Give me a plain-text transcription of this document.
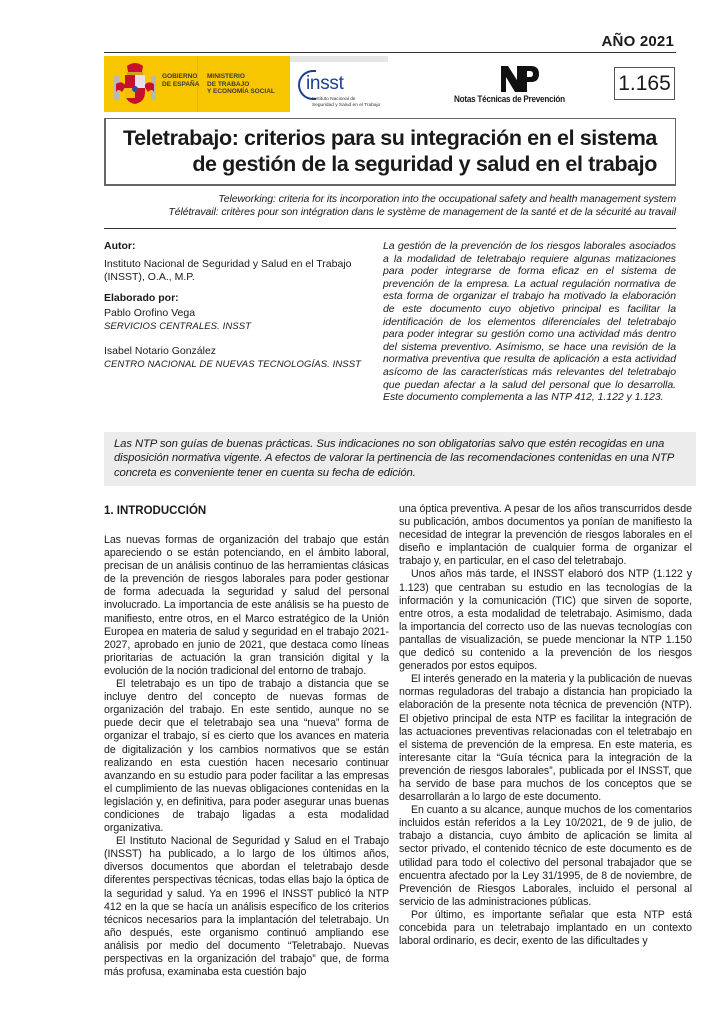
AÑO 2021
GOBIERNO
DE ESPAÑA
MINISTERIO
DE TRABAJO
Y ECONOMÍA SOCIAL insst
Instituto Nacional de
Seguridad y Salud en el Trabajo
Notas Técnicas de Prevención
1.165
Teletrabajo: criterios para su integración en el sistema
de gestión de la seguridad y salud en el trabajo
Teleworking: criteria for its incorporation into the occupational safety and health management system
Télétravail: critères pour son intégration dans le système de management de la santé et de la sécurité au travail

Autor:

Instituto Nacional de Seguridad y Salud en el Trabajo (INSST), O.A., M.P.

Elaborado por:

Pablo Orofino Vega

SERVICIOS CENTRALES. INSST

Isabel Notario González

CENTRO NACIONAL DE NUEVAS TECNOLOGÍAS. INSST

La gestión de la prevención de los riesgos laborales asociados a la modalidad de teletrabajo requiere algunas matizaciones para poder integrarse de forma eficaz en el sistema de prevención de la empresa. La actual regulación normativa de esta forma de organizar el trabajo ha motivado la elaboración de este documento cuyo objetivo principal es facilitar la identificación de los elementos diferenciales del teletrabajo para poder integrar su gestión como una actividad más dentro del sistema preventivo. Asímismo, se hace una revisión de la normativa preventiva que resulta de aplicación a esta actividad asícomo de las características más relevantes del teletrabajo que puedan afectar a la salud del personal que lo desarrolla. Este documento complementa a las NTP 412, 1.122 y 1.123.
Las NTP son guías de buenas prácticas. Sus indicaciones no son obligatorias salvo que estén recogidas en una disposición normativa vigente. A efectos de valorar la pertinencia de las recomendaciones contenidas en una NTP concreta es conveniente tener en cuenta su fecha de edición.
1. INTRODUCCIÓN

Las nuevas formas de organización del trabajo que están apareciendo o se están potenciando, en el ámbito laboral, precisan de un análisis continuo de las herramientas clásicas de la prevención de riesgos laborales para poder gestionar de forma adecuada la seguridad y salud del personal involucrado. La importancia de este análisis se ha puesto de manifiesto, entre otros, en el Marco estratégico de la Unión Europea en materia de salud y seguridad en el trabajo 2021-2027, aprobado en junio de 2021, que destaca como líneas prioritarias de actuación la gran transición digital y la evolución de la noción tradicional del entorno de trabajo.

El teletrabajo es un tipo de trabajo a distancia que se incluye dentro del concepto de nuevas formas de organización del trabajo. En este sentido, aunque no se puede decir que el teletrabajo sea una “nueva” forma de organizar el trabajo, sí es cierto que los avances en materia de digitalización y los cambios normativos que se están realizando en esta cuestión hacen necesario continuar avanzando en su estudio para poder facilitar a las empresas el cumplimiento de las nuevas obligaciones contenidas en la legislación y, en definitiva, para poder asegurar unas buenas condiciones de trabajo ligadas a esta modalidad organizativa.

El Instituto Nacional de Seguridad y Salud en el Trabajo (INSST) ha publicado, a lo largo de los últimos años, diversos documentos que abordan el teletrabajo desde diferentes perspectivas técnicas, todas ellas bajo la óptica de la seguridad y salud. Ya en 1996 el INSST publicó la NTP 412 en la que se hacía un análisis específico de los criterios técnicos necesarios para la implantación del teletrabajo. Un año después, este organismo continuó ampliando ese análisis por medio del documento “Teletrabajo. Nuevas perspectivas en la organización del trabajo” que, de forma más profusa, examinaba esta cuestión bajo

una óptica preventiva. A pesar de los años transcurridos desde su publicación, ambos documentos ya ponían de manifiesto la necesidad de integrar la prevención de riesgos laborales en el diseño e implantación de cualquier forma de organizar el trabajo y, en particular, en el caso del teletrabajo.

Unos años más tarde, el INSST elaboró dos NTP (1.122 y 1.123) que centraban su estudio en las tecnologías de la información y la comunicación (TIC) que sirven de soporte, entre otros, a esta modalidad de teletrabajo. Asimismo, dada la importancia del correcto uso de las nuevas tecnologías con pantallas de visualización, se puede mencionar la NTP 1.150 que dedicó su contenido a la prevención de los riesgos generados por estos equipos.

El interés generado en la materia y la publicación de nuevas normas reguladoras del trabajo a distancia han propiciado la elaboración de la presente nota técnica de prevención (NTP). El objetivo principal de esta NTP es facilitar la integración de las actuaciones preventivas relacionadas con el teletrabajo en el sistema de prevención de la empresa. En este materia, es interesante citar la “Guía técnica para la integración de la prevención de riesgos laborales”, publicada por el INSST, que ha servido de base para muchos de los conceptos que se desarrollarán a lo largo de este documento.

En cuanto a su alcance, aunque muchos de los comentarios incluidos están referidos a la Ley 10/2021, de 9 de julio, de trabajo a distancia, cuyo ámbito de aplicación se limita al sector privado, el contenido técnico de este documento es de utilidad para todo el colectivo del personal trabajador que se encuentra afectado por la Ley 31/1995, de 8 de noviembre, de Prevención de Riesgos Laborales, incluido el personal al servicio de las administraciones públicas.

Por último, es importante señalar que esta NTP está concebida para un teletrabajo implantado en un contexto laboral ordinario, es decir, exento de las dificultades y
